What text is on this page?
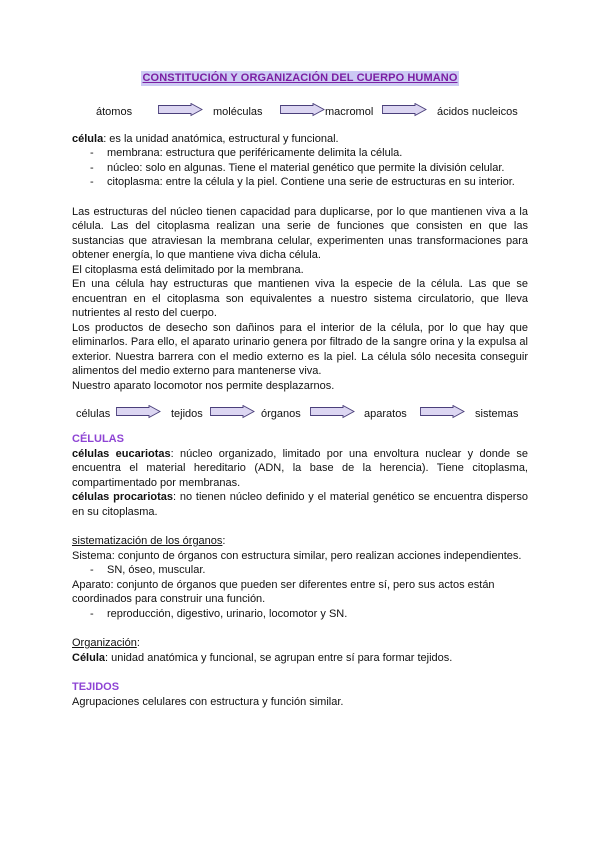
CONSTITUCIÓN Y ORGANIZACIÓN DEL CUERPO HUMANO
átomos	moléculas	macromol	ácidos nucleicos

célula: es la unidad anatómica, estructural y funcional.

- membrana: estructura que periféricamente delimita la célula.
- núcleo: solo en algunas. Tiene el material genético que permite la división celular.
- citoplasma: entre la célula y la piel. Contiene una serie de estructuras en su interior.

Las estructuras del núcleo tienen capacidad para duplicarse, por lo que mantienen viva a la célula. Las del citoplasma realizan una serie de funciones que consisten en que las sustancias que atraviesan la membrana celular, experimenten unas transformaciones para obtener energía, lo que mantiene viva dicha célula.

El citoplasma está delimitado por la membrana.

En una célula hay estructuras que mantienen viva la especie de la célula. Las que se encuentran en el citoplasma son equivalentes a nuestro sistema circulatorio, que lleva nutrientes al resto del cuerpo.

Los productos de desecho son dañinos para el interior de la célula, por lo que hay que eliminarlos. Para ello, el aparato urinario genera por filtrado de la sangre orina y la expulsa al exterior. Nuestra barrera con el medio externo es la piel. La célula sólo necesita conseguir alimentos del medio externo para mantenerse viva.

Nuestro aparato locomotor nos permite desplazarnos.

células	tejidos	órganos	aparatos	sistemas

CÉLULAS

células eucariotas: núcleo organizado, limitado por una envoltura nuclear y donde se encuentra el material hereditario (ADN, la base de la herencia). Tiene citoplasma, compartimentado por membranas.

células procariotas: no tienen núcleo definido y el material genético se encuentra disperso en su citoplasma.

sistematización de los órganos:

Sistema: conjunto de órganos con estructura similar, pero realizan acciones independientes.

- SN, óseo, muscular.

Aparato: conjunto de órganos que pueden ser diferentes entre sí, pero sus actos están coordinados para construir una función.

- reproducción, digestivo, urinario, locomotor y SN.

Organización:

Célula: unidad anatómica y funcional, se agrupan entre sí para formar tejidos.

TEJIDOS

Agrupaciones celulares con estructura y función similar.
